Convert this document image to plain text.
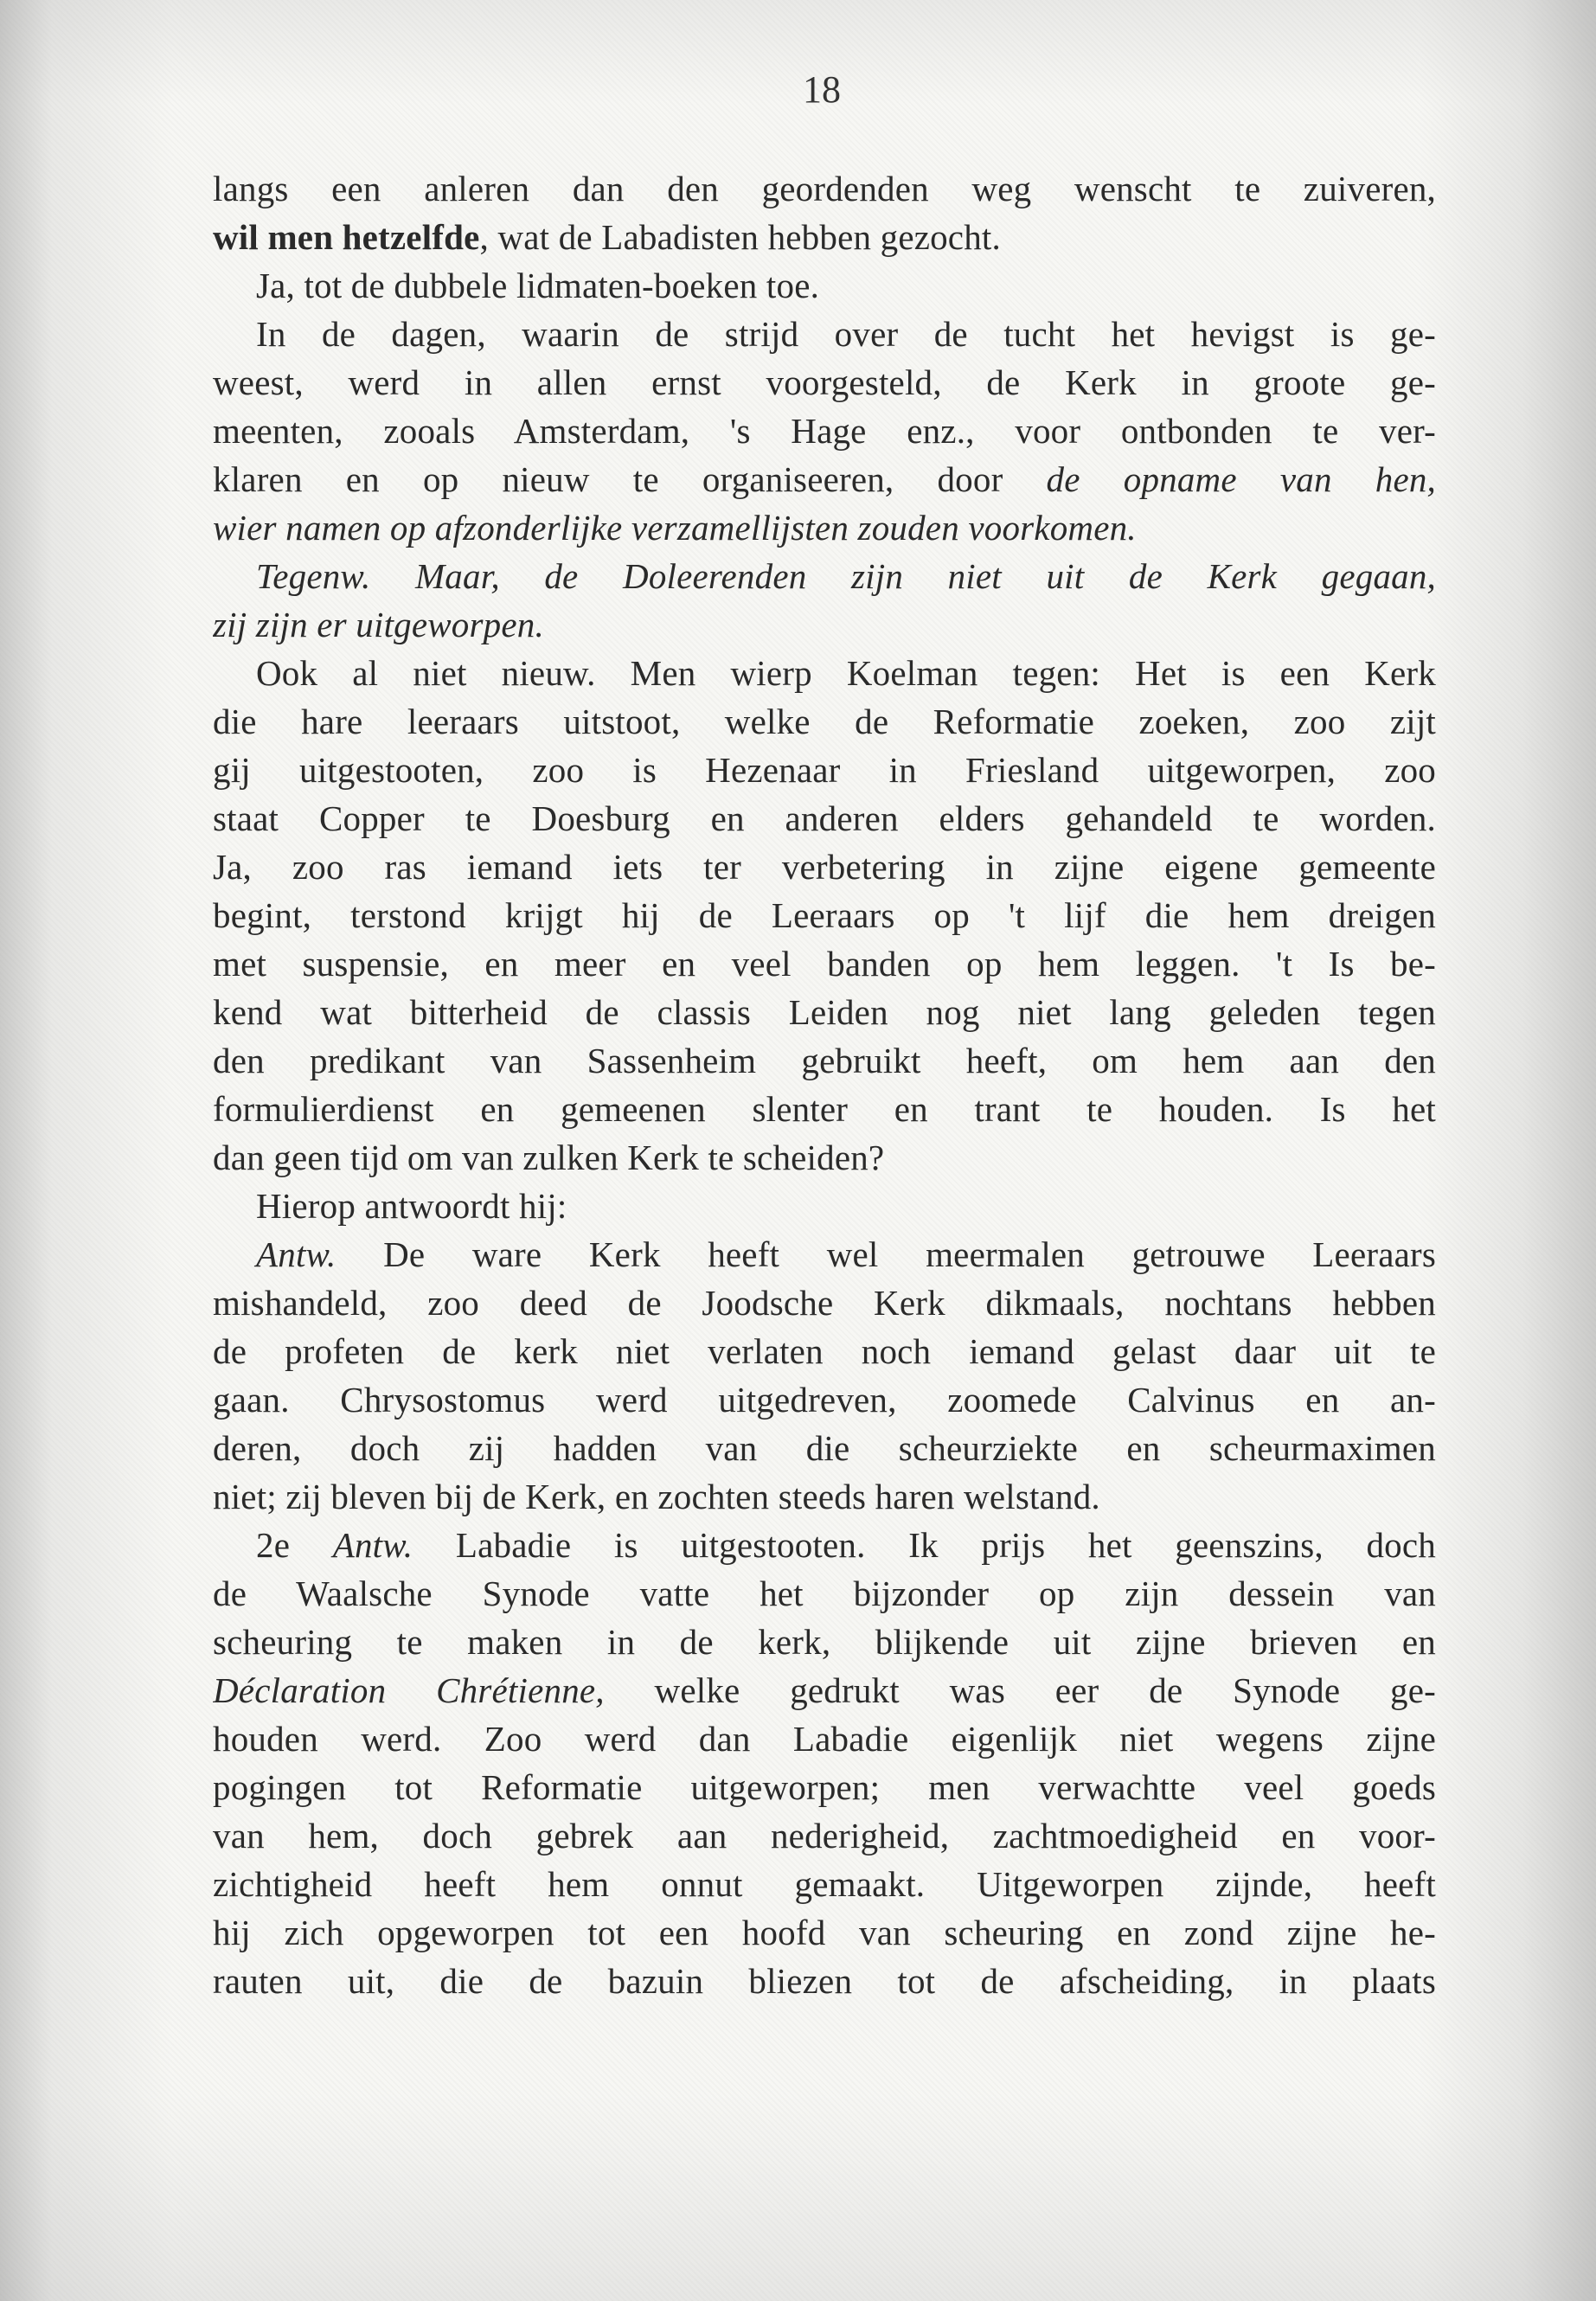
18
langs een anleren dan den geordenden weg wenscht te zuiveren,
wil men hetzelfde, wat de Labadisten hebben gezocht.
Ja, tot de dubbele lidmaten-boeken toe.
In de dagen, waarin de strijd over de tucht het hevigst is ge-
weest, werd in allen ernst voorgesteld, de Kerk in groote ge-
meenten, zooals Amsterdam, 's Hage enz., voor ontbonden te ver-
klaren en op nieuw te organiseeren, door de opname van hen,
wier namen op afzonderlijke verzamellijsten zouden voorkomen.
Tegenw. Maar, de Doleerenden zijn niet uit de Kerk gegaan,
zij zijn er uitgeworpen.
Ook al niet nieuw. Men wierp Koelman tegen: Het is een Kerk
die hare leeraars uitstoot, welke de Reformatie zoeken, zoo zijt
gij uitgestooten, zoo is Hezenaar in Friesland uitgeworpen, zoo
staat Copper te Doesburg en anderen elders gehandeld te worden.
Ja, zoo ras iemand iets ter verbetering in zijne eigene gemeente
begint, terstond krijgt hij de Leeraars op 't lijf die hem dreigen
met suspensie, en meer en veel banden op hem leggen. 't Is be-
kend wat bitterheid de classis Leiden nog niet lang geleden tegen
den predikant van Sassenheim gebruikt heeft, om hem aan den
formulierdienst en gemeenen slenter en trant te houden. Is het
dan geen tijd om van zulken Kerk te scheiden?
Hierop antwoordt hij:
Antw. De ware Kerk heeft wel meermalen getrouwe Leeraars
mishandeld, zoo deed de Joodsche Kerk dikmaals, nochtans hebben
de profeten de kerk niet verlaten noch iemand gelast daar uit te
gaan. Chrysostomus werd uitgedreven, zoomede Calvinus en an-
deren, doch zij hadden van die scheurziekte en scheurmaximen
niet; zij bleven bij de Kerk, en zochten steeds haren welstand.
2e Antw. Labadie is uitgestooten. Ik prijs het geenszins, doch
de Waalsche Synode vatte het bijzonder op zijn dessein van
scheuring te maken in de kerk, blijkende uit zijne brieven en
Déclaration Chrétienne, welke gedrukt was eer de Synode ge-
houden werd. Zoo werd dan Labadie eigenlijk niet wegens zijne
pogingen tot Reformatie uitgeworpen; men verwachtte veel goeds
van hem, doch gebrek aan nederigheid, zachtmoedigheid en voor-
zichtigheid heeft hem onnut gemaakt. Uitgeworpen zijnde, heeft
hij zich opgeworpen tot een hoofd van scheuring en zond zijne he-
rauten uit, die de bazuin bliezen tot de afscheiding, in plaats
